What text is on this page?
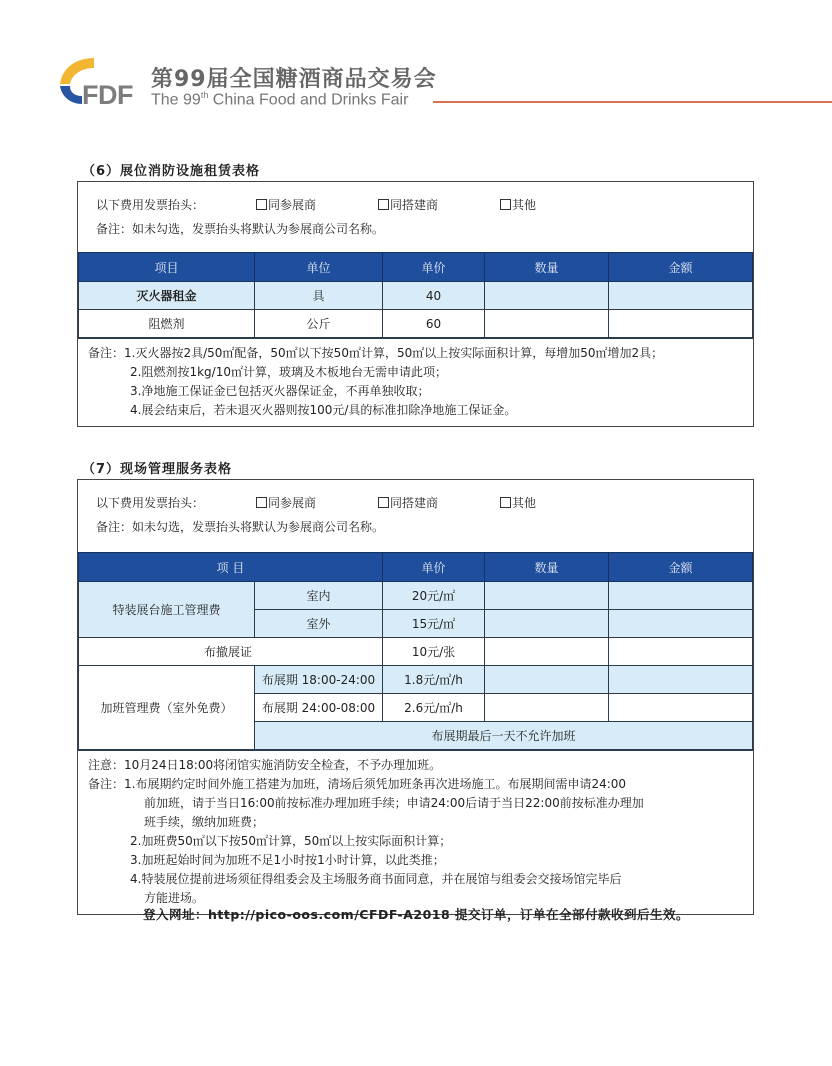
FDF
第99届全国糖酒商品交易会
The 99th China Food and Drinks Fair
（6）展位消防设施租赁表格
以下费用发票抬头：	同参展商	同搭建商	其他
备注：如未勾选，发票抬头将默认为参展商公司名称。
项目	单位	单价	数量	金额
灭火器租金	具	40		
阻燃剂	公斤	60		
备注：1.灭火器按2具/50㎡配备，50㎡以下按50㎡计算，50㎡以上按实际面积计算，每增加50㎡增加2具；
2.阻燃剂按1kg/10㎡计算，玻璃及木板地台无需申请此项；
3.净地施工保证金已包括灭火器保证金，不再单独收取；
4.展会结束后，若未退灭火器则按100元/具的标准扣除净地施工保证金。
（7）现场管理服务表格
以下费用发票抬头：	同参展商	同搭建商	其他
备注：如未勾选，发票抬头将默认为参展商公司名称。
项 目		单价	数量	金额
特装展台施工管理费	室内	20元/㎡		
	室外	15元/㎡		
布撤展证		10元/张		
加班管理费（室外免费）	布展期 18:00-24:00	1.8元/㎡/h		
	布展期 24:00-08:00	2.6元/㎡/h		
	布展期最后一天不允许加班			
注意：10月24日18:00将闭馆实施消防安全检查，不予办理加班。
备注：1.布展期约定时间外施工搭建为加班，清场后须凭加班条再次进场施工。布展期间需申请24:00
前加班，请于当日16:00前按标准办理加班手续；申请24:00后请于当日22:00前按标准办理加
班手续，缴纳加班费；
2.加班费50㎡以下按50㎡计算，50㎡以上按实际面积计算；
3.加班起始时间为加班不足1小时按1小时计算，以此类推；
4.特装展位提前进场须征得组委会及主场服务商书面同意，并在展馆与组委会交接场馆完毕后
方能进场。
登入网址：http://pico-oos.com/CFDF-A2018 提交订单，订单在全部付款收到后生效。
